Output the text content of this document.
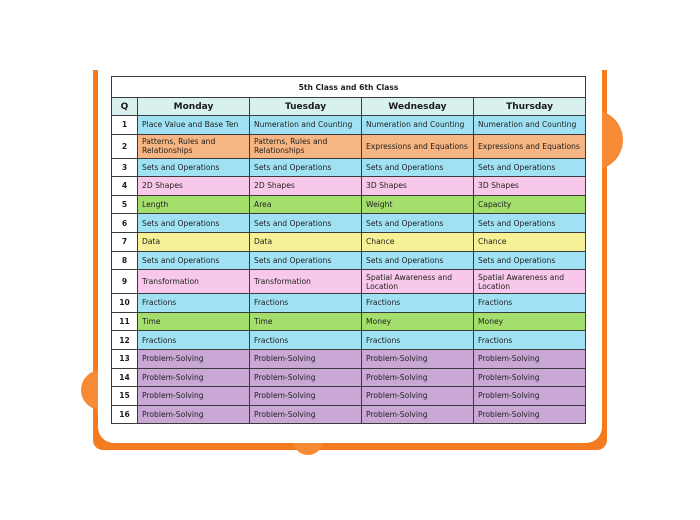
5th Class and 6th Class				
Q	Monday	Tuesday	Wednesday	Thursday
1	Place Value and Base Ten	Numeration and Counting	Numeration and Counting	Numeration and Counting

2	Patterns, Rules and Relationships	Patterns, Rules and Relationships	Expressions and Equations	Expressions and Equations

3	Sets and Operations	Sets and Operations	Sets and Operations	Sets and Operations

4	2D Shapes	2D Shapes	3D Shapes	3D Shapes

5	Length	Area	Weight	Capacity

6	Sets and Operations	Sets and Operations	Sets and Operations	Sets and Operations

7	Data	Data	Chance	Chance

8	Sets and Operations	Sets and Operations	Sets and Operations	Sets and Operations

9	Transformation	Transformation	Spatial Awareness and Location	Spatial Awareness and Location

10	Fractions	Fractions	Fractions	Fractions

11	Time	Time	Money	Money

12	Fractions	Fractions	Fractions	Fractions

13	Problem-Solving	Problem-Solving	Problem-Solving	Problem-Solving

14	Problem-Solving	Problem-Solving	Problem-Solving	Problem-Solving

15	Problem-Solving	Problem-Solving	Problem-Solving	Problem-Solving

16	Problem-Solving	Problem-Solving	Problem-Solving	Problem-Solving
